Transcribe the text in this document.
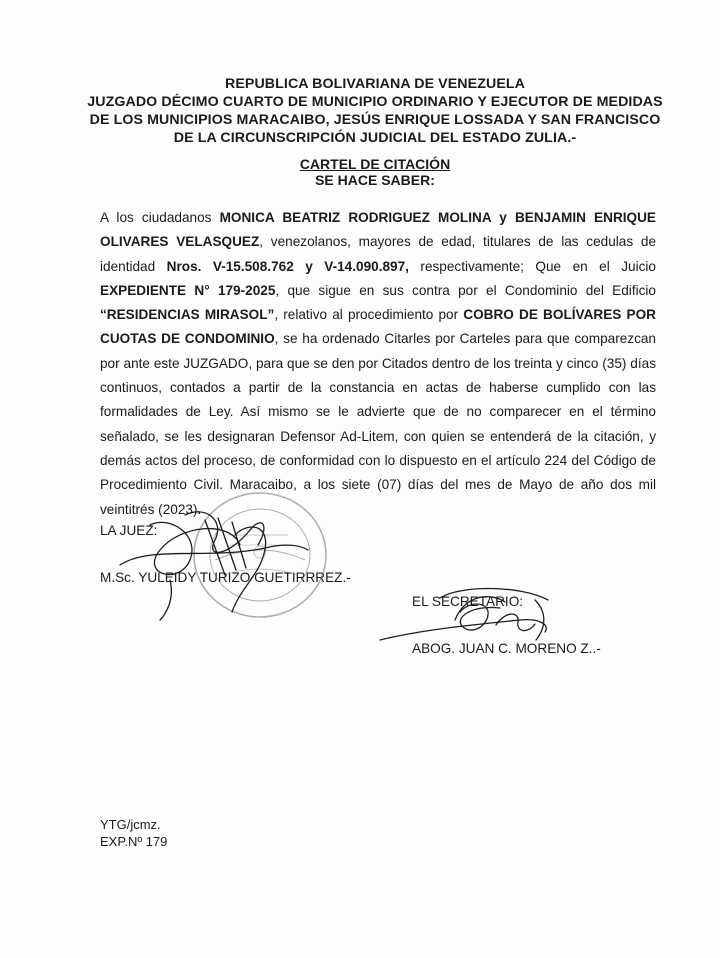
REPUBLICA BOLIVARIANA DE VENEZUELA
JUZGADO DÉCIMO CUARTO DE MUNICIPIO ORDINARIO Y EJECUTOR DE MEDIDAS
DE LOS MUNICIPIOS MARACAIBO, JESÚS ENRIQUE LOSSADA Y SAN FRANCISCO
DE LA CIRCUNSCRIPCIÓN JUDICIAL DEL ESTADO ZULIA.-
CARTEL DE CITACIÓN
SE HACE SABER:
A los ciudadanos MONICA BEATRIZ RODRIGUEZ MOLINA y BENJAMIN ENRIQUE OLIVARES VELASQUEZ, venezolanos, mayores de edad, titulares de las cedulas de identidad Nros. V-15.508.762 y V-14.090.897, respectivamente; Que en el Juicio EXPEDIENTE N° 179-2025, que sigue en sus contra por el Condominio del Edificio “RESIDENCIAS MIRASOL”, relativo al procedimiento por COBRO DE BOLÍVARES POR CUOTAS DE CONDOMINIO, se ha ordenado Citarles por Carteles para que comparezcan por ante este JUZGADO, para que se den por Citados dentro de los treinta y cinco (35) días continuos, contados a partir de la constancia en actas de haberse cumplido con las formalidades de Ley. Así mismo se le advierte que de no comparecer en el término señalado, se les designaran Defensor Ad-Litem, con quien se entenderá de la citación, y demás actos del proceso, de conformidad con lo dispuesto en el artículo 224 del Código de Procedimiento Civil. Maracaibo, a los siete (07) días del mes de Mayo de año dos mil veintitrés (2023).
LA JUEZ:
M.Sc. YULEIDY TURIZO GUETIRRREZ.-
EL SECRETARIO:
ABOG. JUAN C. MORENO Z..-
YTG/jcmz.
EXP.Nº 179
